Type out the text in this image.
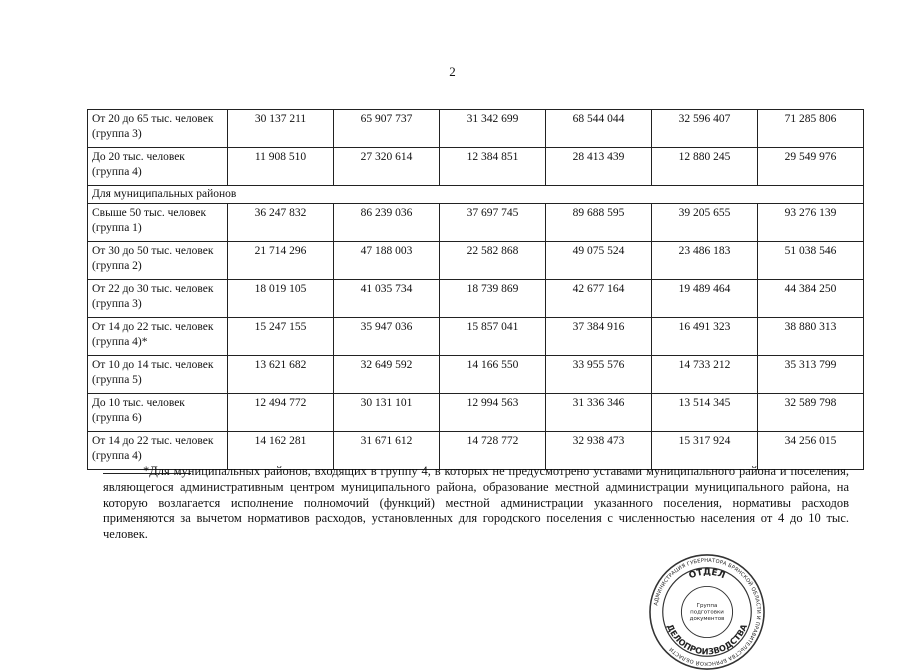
2
От 20 до 65 тыс. человек (группа 3)	30 137 211	65 907 737	31 342 699	68 544 044	32 596 407	71 285 806
До 20 тыс. человек (группа 4)	11 908 510	27 320 614	12 384 851	28 413 439	12 880 245	29 549 976
Для муниципальных районов						
Свыше 50 тыс. человек (группа 1)	36 247 832	86 239 036	37 697 745	89 688 595	39 205 655	93 276 139
От 30 до 50 тыс. человек (группа 2)	21 714 296	47 188 003	22 582 868	49 075 524	23 486 183	51 038 546
От 22 до 30 тыс. человек (группа 3)	18 019 105	41 035 734	18 739 869	42 677 164	19 489 464	44 384 250
От 14 до 22 тыс. человек (группа 4)*	15 247 155	35 947 036	15 857 041	37 384 916	16 491 323	38 880 313
От 10 до 14 тыс. человек (группа 5)	13 621 682	32 649 592	14 166 550	33 955 576	14 733 212	35 313 799
До 10 тыс. человек (группа 6)	12 494 772	30 131 101	12 994 563	31 336 346	13 514 345	32 589 798
От 14 до 22 тыс. человек (группа 4)	14 162 281	31 671 612	14 728 772	32 938 473	15 317 924	34 256 015
*Для муниципальных районов, входящих в группу 4, в которых не предусмотрено уставами муниципального района и поселения, являющегося административным центром муниципального района, образование местной администрации муниципального района, на которую возлагается исполнение полномочий (функций) местной администрации указанного поселения, нормативы расходов применяются за вычетом нормативов расходов, установленных для городского поселения с численностью населения от 4 до 10 тыс. человек.
АДМИНИСТРАЦИЯ ГУБЕРНАТОРА БРЯНСКОЙ ОБЛАСТИ И ПРАВИТЕЛЬСТВА БРЯНСКОЙ ОБЛАСТИ
ОТДЕЛ
ДЕЛОПРОИЗВОДСТВА
Группа подготовки документов
